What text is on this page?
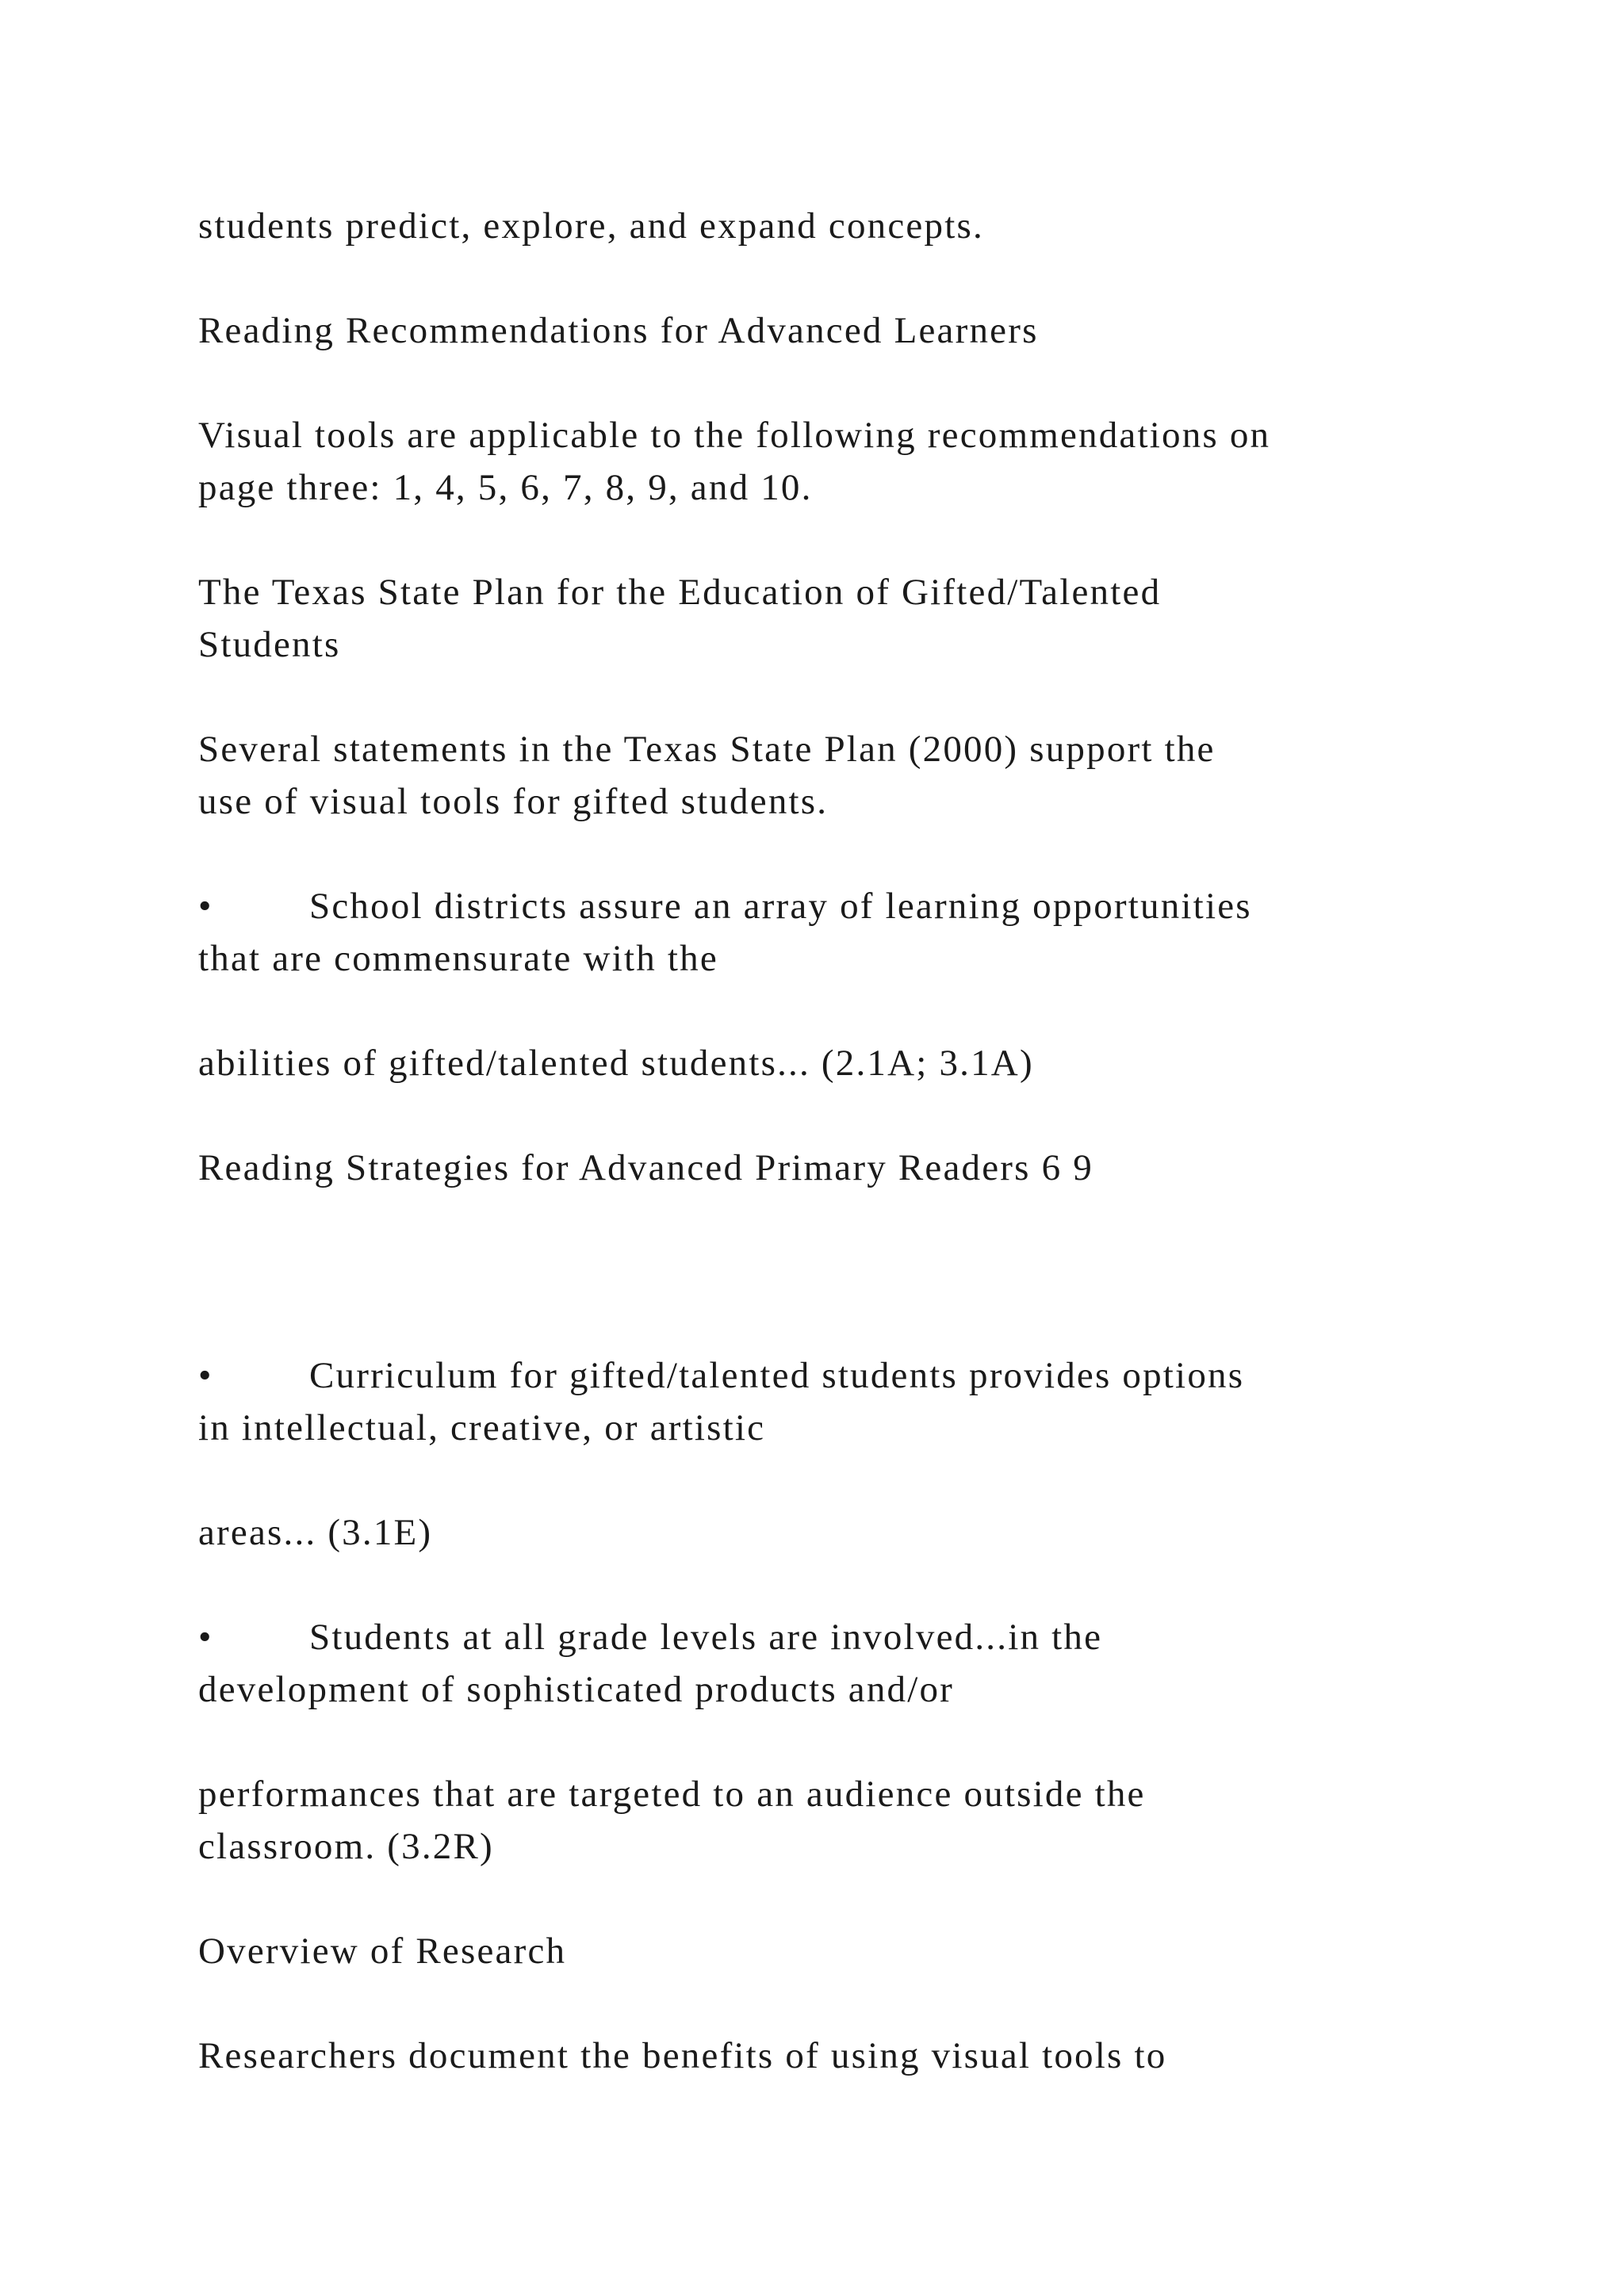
students predict, explore, and expand concepts.

Reading Recommendations for Advanced Learners

Visual tools are applicable to the following recommendations on

page three: 1, 4, 5, 6, 7, 8, 9, and 10.

The Texas State Plan for the Education of Gifted/Talented

Students

Several statements in the Texas State Plan (2000) support the

use of visual tools for gifted students.

•	School districts assure an array of learning opportunities

that are commensurate with the

abilities of gifted/talented students... (2.1A; 3.1A)

Reading Strategies for Advanced Primary Readers 6 9

•	Curriculum for gifted/talented students provides options

in intellectual, creative, or artistic

areas... (3.1E)

•	Students at all grade levels are involved...in the

development of sophisticated products and/or

performances that are targeted to an audience outside the

classroom. (3.2R)

Overview of Research

Researchers document the benefits of using visual tools to
